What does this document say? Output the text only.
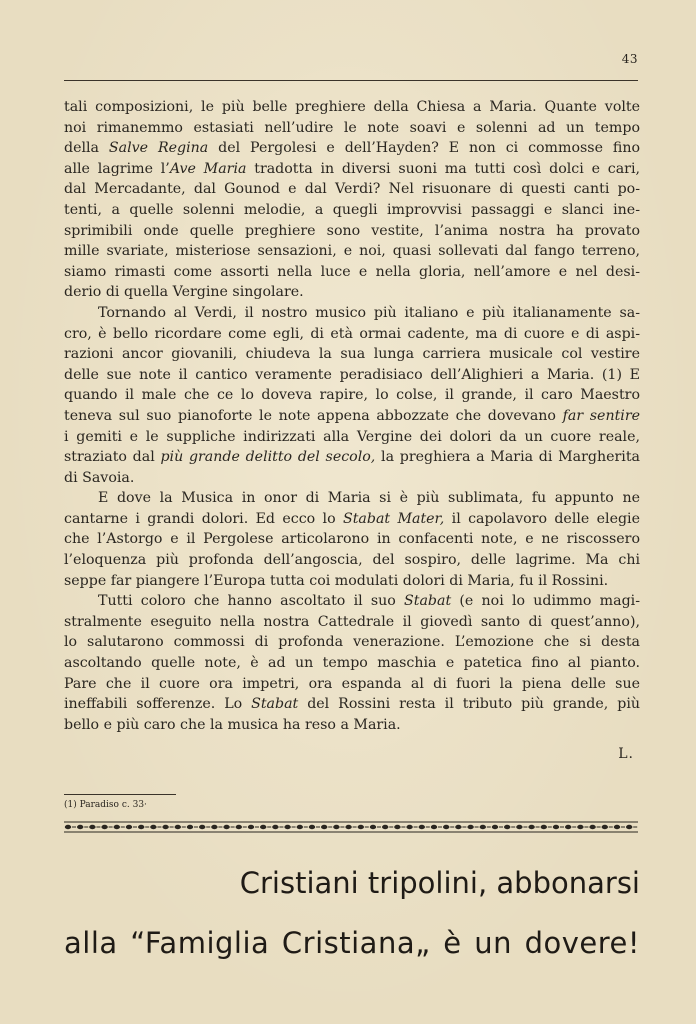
43
tali composizioni, le più belle preghiere della Chiesa a Maria. Quante volte
noi rimanemmo estasiati nell’udire le note soavi e solenni ad un tempo
della Salve Regina del Pergolesi e dell’Hayden? E non ci commosse fino
alle lagrime l’Ave Maria tradotta in diversi suoni ma tutti così dolci e cari,
dal Mercadante, dal Gounod e dal Verdi? Nel risuonare di questi canti po-
tenti, a quelle solenni melodie, a quegli improvvisi passaggi e slanci ine-
sprimibili onde quelle preghiere sono vestite, l’anima nostra ha provato
mille svariate, misteriose sensazioni, e noi, quasi sollevati dal fango terreno,
siamo rimasti come assorti nella luce e nella gloria, nell’amore e nel desi-
derio di quella Vergine singolare.
Tornando al Verdi, il nostro musico più italiano e più italianamente sa-
cro, è bello ricordare come egli, di età ormai cadente, ma di cuore e di aspi-
razioni ancor giovanili, chiudeva la sua lunga carriera musicale col vestire
delle sue note il cantico veramente peradisiaco dell’Alighieri a Maria. (1) E
quando il male che ce lo doveva rapire, lo colse, il grande, il caro Maestro
teneva sul suo pianoforte le note appena abbozzate che dovevano far sentire
i gemiti e le suppliche indirizzati alla Vergine dei dolori da un cuore reale,
straziato dal più grande delitto del secolo, la preghiera a Maria di Margherita
di Savoia.
E dove la Musica in onor di Maria si è più sublimata, fu appunto ne
cantarne i grandi dolori. Ed ecco lo Stabat Mater, il capolavoro delle elegie
che l’Astorgo e il Pergolese articolarono in confacenti note, e ne riscossero
l’eloquenza più profonda dell’angoscia, del sospiro, delle lagrime. Ma chi
seppe far piangere l’Europa tutta coi modulati dolori di Maria, fu il Rossini.
Tutti coloro che hanno ascoltato il suo Stabat (e noi lo udimmo magi-
stralmente eseguito nella nostra Cattedrale il giovedì santo di quest’anno),
lo salutarono commossi di profonda venerazione. L’emozione che si desta
ascoltando quelle note, è ad un tempo maschia e patetica fino al pianto.
Pare che il cuore ora impetri, ora espanda al di fuori la piena delle sue
ineffabili sofferenze. Lo Stabat del Rossini resta il tributo più grande, più
bello e più caro che la musica ha reso a Maria.
L.
(1) Paradiso c. 33·
Cristiani tripolini, abbonarsi
alla “Famiglia Cristiana„ è un dovere!
